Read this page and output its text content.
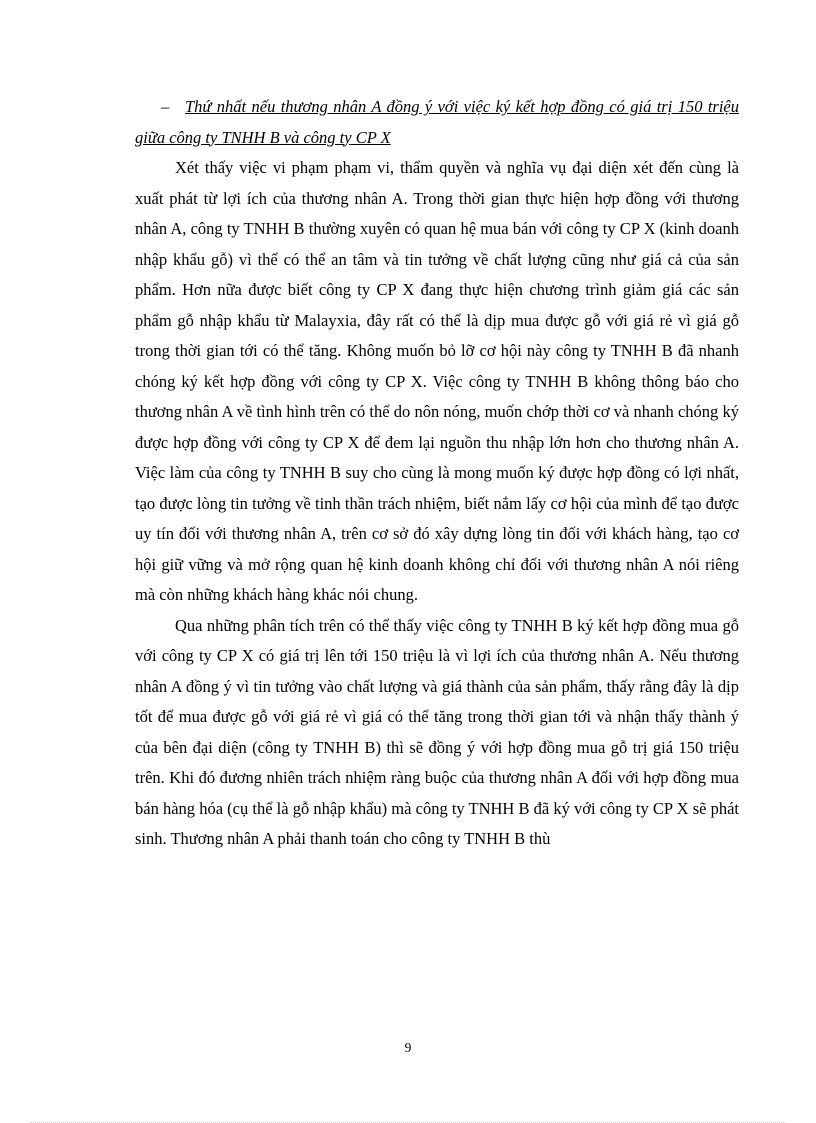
– Thứ nhất nếu thương nhân A đồng ý với việc ký kết hợp đồng có giá trị 150 triệu giữa công ty TNHH B và công ty CP X

Xét thấy việc vi phạm phạm vi, thẩm quyền và nghĩa vụ đại diện xét đến cùng là xuất phát từ lợi ích của thương nhân A. Trong thời gian thực hiện hợp đồng với thương nhân A, công ty TNHH B thường xuyên có quan hệ mua bán với công ty CP X (kinh doanh nhập khẩu gỗ) vì thế có thể an tâm và tin tưởng về chất lượng cũng như giá cả của sản phẩm. Hơn nữa được biết công ty CP X đang thực hiện chương trình giảm giá các sản phẩm gỗ nhập khẩu từ Malayxia, đây rất có thể là dịp mua được gỗ với giá rẻ vì giá gỗ trong thời gian tới có thể tăng. Không muốn bỏ lỡ cơ hội này công ty TNHH B đã nhanh chóng ký kết hợp đồng với công ty CP X. Việc công ty TNHH B không thông báo cho thương nhân A về tình hình trên có thể do nôn nóng, muốn chớp thời cơ và nhanh chóng ký được hợp đồng với công ty CP X để đem lại nguồn thu nhập lớn hơn cho thương nhân A. Việc làm của công ty TNHH B suy cho cùng là mong muốn ký được hợp đồng có lợi nhất, tạo được lòng tin tưởng về tinh thần trách nhiệm, biết nắm lấy cơ hội của mình để tạo được uy tín đối với thương nhân A, trên cơ sở đó xây dựng lòng tin đối với khách hàng, tạo cơ hội giữ vững và mở rộng quan hệ kinh doanh không chỉ đối với thương nhân A nói riêng mà còn những khách hàng khác nói chung.

Qua những phân tích trên có thể thấy việc công ty TNHH B ký kết hợp đồng mua gỗ với công ty CP X có giá trị lên tới 150 triệu là vì lợi ích của thương nhân A. Nếu thương nhân A đồng ý vì tin tưởng vào chất lượng và giá thành của sản phẩm, thấy rằng đây là dịp tốt để mua được gỗ với giá rẻ vì giá có thể tăng trong thời gian tới và nhận thấy thành ý của bên đại diện (công ty TNHH B) thì sẽ đồng ý với hợp đồng mua gỗ trị giá 150 triệu trên. Khi đó đương nhiên trách nhiệm ràng buộc của thương nhân A đối với hợp đồng mua bán hàng hóa (cụ thể là gỗ nhập khẩu) mà công ty TNHH B đã ký với công ty CP X sẽ phát sinh. Thương nhân A phải thanh toán cho công ty TNHH B thù

9
